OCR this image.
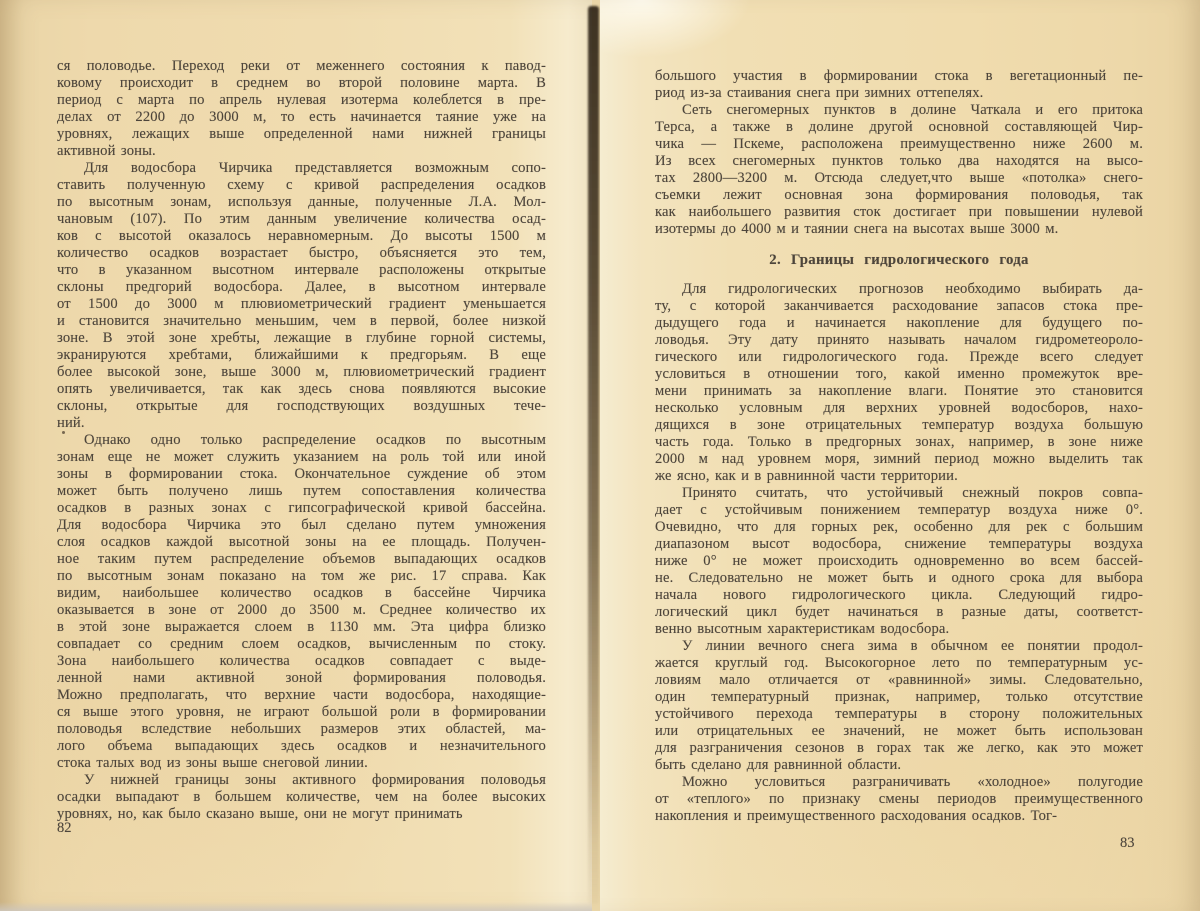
ся половодье. Переход реки от меженнего состояния к павод-
ковому происходит в среднем во второй половине марта. В
период с марта по апрель нулевая изотерма колеблется в пре-
делах от 2200 до 3000 м, то есть начинается таяние уже на
уровнях, лежащих выше определенной нами нижней границы
активной зоны.
Для водосбора Чирчика представляется возможным сопо-
ставить полученную схему с кривой распределения осадков
по высотным зонам, используя данные, полученные Л.А. Мол-
чановым (107). По этим данным увеличение количества осад-
ков с высотой оказалось неравномерным. До высоты 1500 м
количество осадков возрастает быстро, объясняется это тем,
что в указанном высотном интервале расположены открытые
склоны предгорий водосбора. Далее, в высотном интервале
от 1500 до 3000 м плювиометрический градиент уменьшается
и становится значительно меньшим, чем в первой, более низкой
зоне. В этой зоне хребты, лежащие в глубине горной системы,
экранируются хребтами, ближайшими к предгорьям. В еще
более высокой зоне, выше 3000 м, плювиометрический градиент
опять увеличивается, так как здесь снова появляются высокие
склоны, открытые для господствующих воздушных тече-
ний.
Однако одно только распределение осадков по высотным
зонам еще не может служить указанием на роль той или иной
зоны в формировании стока. Окончательное суждение об этом
может быть получено лишь путем сопоставления количества
осадков в разных зонах с гипсографической кривой бассейна.
Для водосбора Чирчика это был сделано путем умножения
слоя осадков каждой высотной зоны на ее площадь. Получен-
ное таким путем распределение объемов выпадающих осадков
по высотным зонам показано на том же рис. 17 справа. Как
видим, наибольшее количество осадков в бассейне Чирчика
оказывается в зоне от 2000 до 3500 м. Среднее количество их
в этой зоне выражается слоем в 1130 мм. Эта цифра близко
совпадает со средним слоем осадков, вычисленным по стоку.
Зона наибольшего количества осадков совпадает с выде-
ленной нами активной зоной формирования половодья.
Можно предполагать, что верхние части водосбора, находящие-
ся выше этого уровня, не играют большой роли в формировании
половодья вследствие небольших размеров этих областей, ма-
лого объема выпадающих здесь осадков и незначительного
стока талых вод из зоны выше снеговой линии.
У нижней границы зоны активного формирования половодья
осадки выпадают в большем количестве, чем на более высоких
уровнях, но, как было сказано выше, они не могут принимать
82
большого участия в формировании стока в вегетационный пе-
риод из-за стаивания снега при зимних оттепелях.
Сеть снегомерных пунктов в долине Чаткала и его притока
Терса, а также в долине другой основной составляющей Чир-
чика — Пскеме, расположена преимущественно ниже 2600 м.
Из всех снегомерных пунктов только два находятся на высо-
тах 2800—3200 м. Отсюда следует,что выше «потолка» снего-
съемки лежит основная зона формирования половодья, так
как наибольшего развития сток достигает при повышении нулевой
изотермы до 4000 м и таянии снега на высотах выше 3000 м.
2. Границы гидрологического года
Для гидрологических прогнозов необходимо выбирать да-
ту, с которой заканчивается расходование запасов стока пре-
дыдущего года и начинается накопление для будущего по-
ловодья. Эту дату принято называть началом гидрометеороло-
гического или гидрологического года. Прежде всего следует
условиться в отношении того, какой именно промежуток вре-
мени принимать за накопление влаги. Понятие это становится
несколько условным для верхних уровней водосборов, нахо-
дящихся в зоне отрицательных температур воздуха большую
часть года. Только в предгорных зонах, например, в зоне ниже
2000 м над уровнем моря, зимний период можно выделить так
же ясно, как и в равнинной части территории.
Принято считать, что устойчивый снежный покров совпа-
дает с устойчивым понижением температур воздуха ниже 0°.
Очевидно, что для горных рек, особенно для рек с большим
диапазоном высот водосбора, снижение температуры воздуха
ниже 0° не может происходить одновременно во всем бассей-
не. Следовательно не может быть и одного срока для выбора
начала нового гидрологического цикла. Следующий гидро-
логический цикл будет начинаться в разные даты, соответст-
венно высотным характеристикам водосбора.
У линии вечного снега зима в обычном ее понятии продол-
жается круглый год. Высокогорное лето по температурным ус-
ловиям мало отличается от «равнинной» зимы. Следовательно,
один температурный признак, например, только отсутствие
устойчивого перехода температуры в сторону положительных
или отрицательных ее значений, не может быть использован
для разграничения сезонов в горах так же легко, как это может
быть сделано для равнинной области.
Можно условиться разграничивать «холодное» полугодие
от «теплого» по признаку смены периодов преимущественного
накопления и преимущественного расходования осадков. Тог-
83
